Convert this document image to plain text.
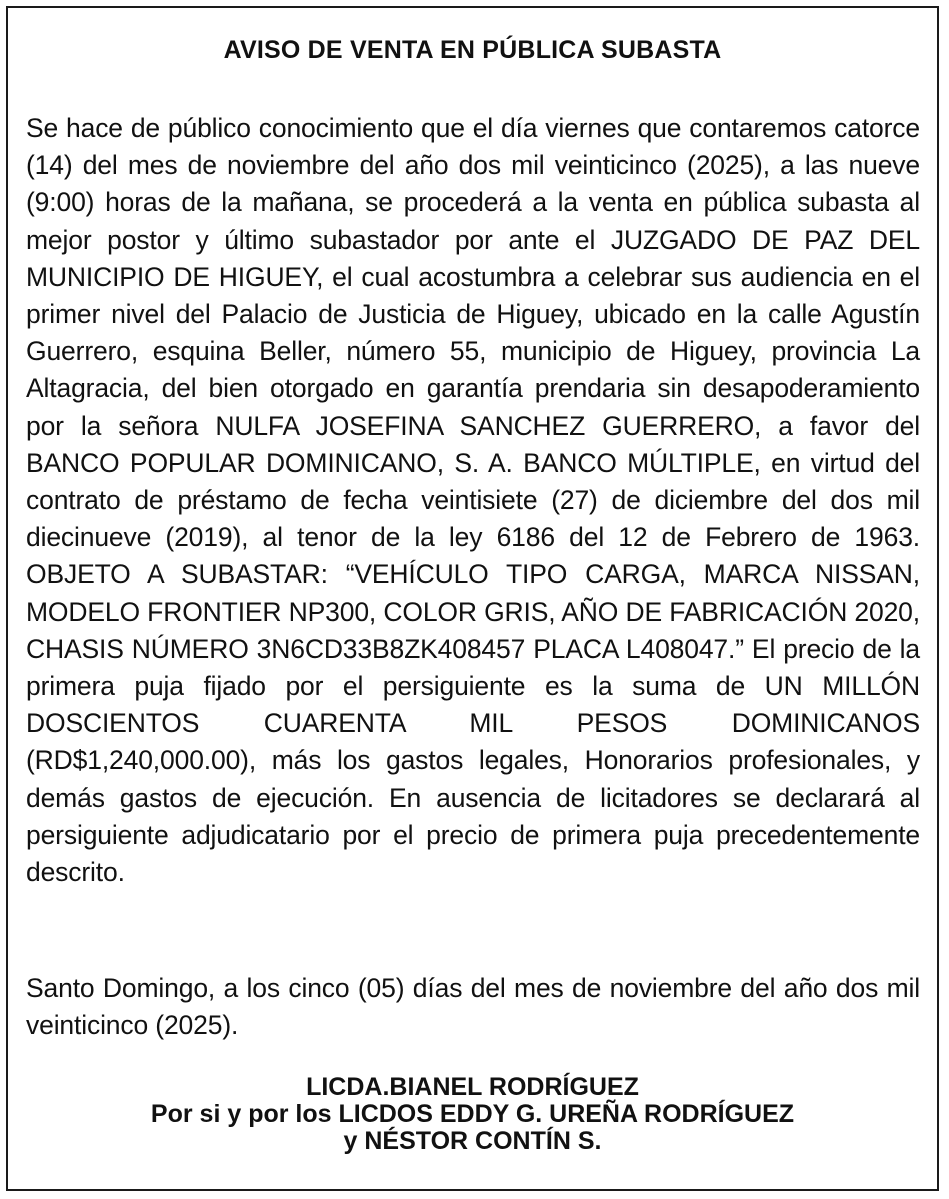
AVISO DE VENTA EN PÚBLICA SUBASTA

Se hace de público conocimiento que el día viernes que contaremos catorce (14) del mes de noviembre del año dos mil veinticinco (2025), a las nueve (9:00) horas de la mañana, se procederá a la venta en pública subasta al mejor postor y último subastador por ante el JUZGADO DE PAZ DEL MUNICIPIO DE HIGUEY, el cual acostumbra a celebrar sus audiencia en el primer nivel del Palacio de Justicia de Higuey, ubicado en la calle Agustín Guerrero, esquina Beller, número 55, municipio de Higuey, provincia La Altagracia, del bien otorgado en garantía prendaria sin desapoderamiento por la señora NULFA JOSEFINA SANCHEZ GUERRERO, a favor del BANCO POPULAR DOMINICANO, S. A. BANCO MÚLTIPLE, en virtud del contrato de préstamo de fecha veintisiete (27) de diciembre del dos mil diecinueve (2019), al tenor de la ley 6186 del 12 de Febrero de 1963. OBJETO A SUBASTAR: “VEHÍCULO TIPO CARGA, MARCA NISSAN, MODELO FRONTIER NP300, COLOR GRIS, AÑO DE FABRICACIÓN 2020, CHASIS NÚMERO 3N6CD33B8ZK408457 PLACA L408047.” El precio de la primera puja fijado por el persiguiente es la suma de UN MILLÓN DOSCIENTOS CUARENTA MIL PESOS DOMINICANOS (RD$1,240,000.00), más los gastos legales, Honorarios profesionales, y demás gastos de ejecución. En ausencia de licitadores se declarará al persiguiente adjudicatario por el precio de primera puja precedentemente descrito.

Santo Domingo, a los cinco (05) días del mes de noviembre del año dos mil veinticinco (2025).

LICDA.BIANEL RODRÍGUEZ
Por si y por los LICDOS EDDY G. UREÑA RODRÍGUEZ
y NÉSTOR CONTÍN S.
